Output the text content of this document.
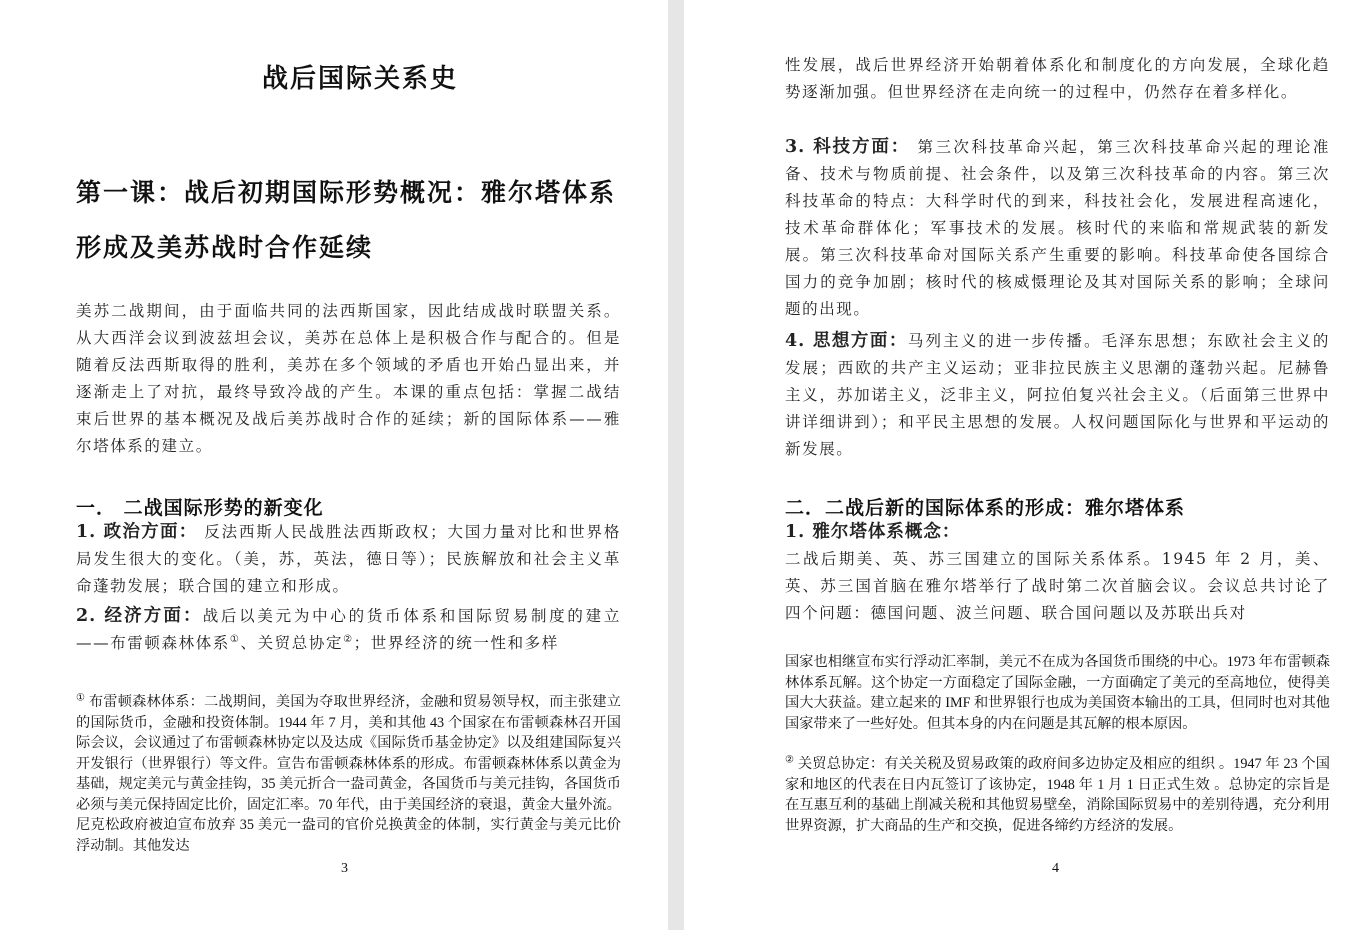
战后国际关系史
第一课：战后初期国际形势概况：雅尔塔体系形成及美苏战时合作延续
美苏二战期间，由于面临共同的法西斯国家，因此结成战时联盟关系。从大西洋会议到波兹坦会议，美苏在总体上是积极合作与配合的。但是随着反法西斯取得的胜利，美苏在多个领域的矛盾也开始凸显出来，并逐渐走上了对抗，最终导致冷战的产生。本课的重点包括：掌握二战结束后世界的基本概况及战后美苏战时合作的延续；新的国际体系——雅尔塔体系的建立。
一． 二战国际形势的新变化
1. 政治方面： 反法西斯人民战胜法西斯政权；大国力量对比和世界格局发生很大的变化。（美，苏，英法，德日等）；民族解放和社会主义革命蓬勃发展；联合国的建立和形成。
2. 经济方面：战后以美元为中心的货币体系和国际贸易制度的建立——布雷顿森林体系①、关贸总协定②；世界经济的统一性和多样
① 布雷顿森林体系：二战期间，美国为夺取世界经济，金融和贸易领导权，而主张建立的国际货币，金融和投资体制。1944 年 7 月，美和其他 43 个国家在布雷顿森林召开国际会议，会议通过了布雷顿森林协定以及达成《国际货币基金协定》以及组建国际复兴开发银行（世界银行）等文件。宣告布雷顿森林体系的形成。布雷顿森林体系以黄金为基础，规定美元与黄金挂钩，35 美元折合一盎司黄金，各国货币与美元挂钩，各国货币必须与美元保持固定比价，固定汇率。70 年代，由于美国经济的衰退，黄金大量外流。尼克松政府被迫宣布放弃 35 美元一盎司的官价兑换黄金的体制，实行黄金与美元比价浮动制。其他发达
3
性发展，战后世界经济开始朝着体系化和制度化的方向发展，全球化趋势逐渐加强。但世界经济在走向统一的过程中，仍然存在着多样化。
3. 科技方面： 第三次科技革命兴起，第三次科技革命兴起的理论准备、技术与物质前提、社会条件，以及第三次科技革命的内容。第三次科技革命的特点：大科学时代的到来，科技社会化，发展进程高速化，技术革命群体化；军事技术的发展。核时代的来临和常规武装的新发展。第三次科技革命对国际关系产生重要的影响。科技革命使各国综合国力的竞争加剧；核时代的核威慑理论及其对国际关系的影响；全球问题的出现。
4. 思想方面：马列主义的进一步传播。毛泽东思想；东欧社会主义的发展；西欧的共产主义运动；亚非拉民族主义思潮的蓬勃兴起。尼赫鲁主义，苏加诺主义，泛非主义，阿拉伯复兴社会主义。（后面第三世界中讲详细讲到）；和平民主思想的发展。人权问题国际化与世界和平运动的新发展。
二．二战后新的国际体系的形成：雅尔塔体系
1. 雅尔塔体系概念：
二战后期美、英、苏三国建立的国际关系体系。1945 年 2 月，美、英、苏三国首脑在雅尔塔举行了战时第二次首脑会议。会议总共讨论了四个问题：德国问题、波兰问题、联合国问题以及苏联出兵对
国家也相继宣布实行浮动汇率制，美元不在成为各国货币围绕的中心。1973 年布雷顿森林体系瓦解。这个协定一方面稳定了国际金融，一方面确定了美元的至高地位，使得美国大大获益。建立起来的 IMF 和世界银行也成为美国资本输出的工具，但同时也对其他国家带来了一些好处。但其本身的内在问题是其瓦解的根本原因。
② 关贸总协定：有关关税及贸易政策的政府间多边协定及相应的组织 。1947 年 23 个国家和地区的代表在日内瓦签订了该协定，1948 年 1 月 1 日正式生效 。总协定的宗旨是在互惠互利的基础上削减关税和其他贸易壁垒，消除国际贸易中的差别待遇，充分利用世界资源，扩大商品的生产和交换，促进各缔约方经济的发展。
4
